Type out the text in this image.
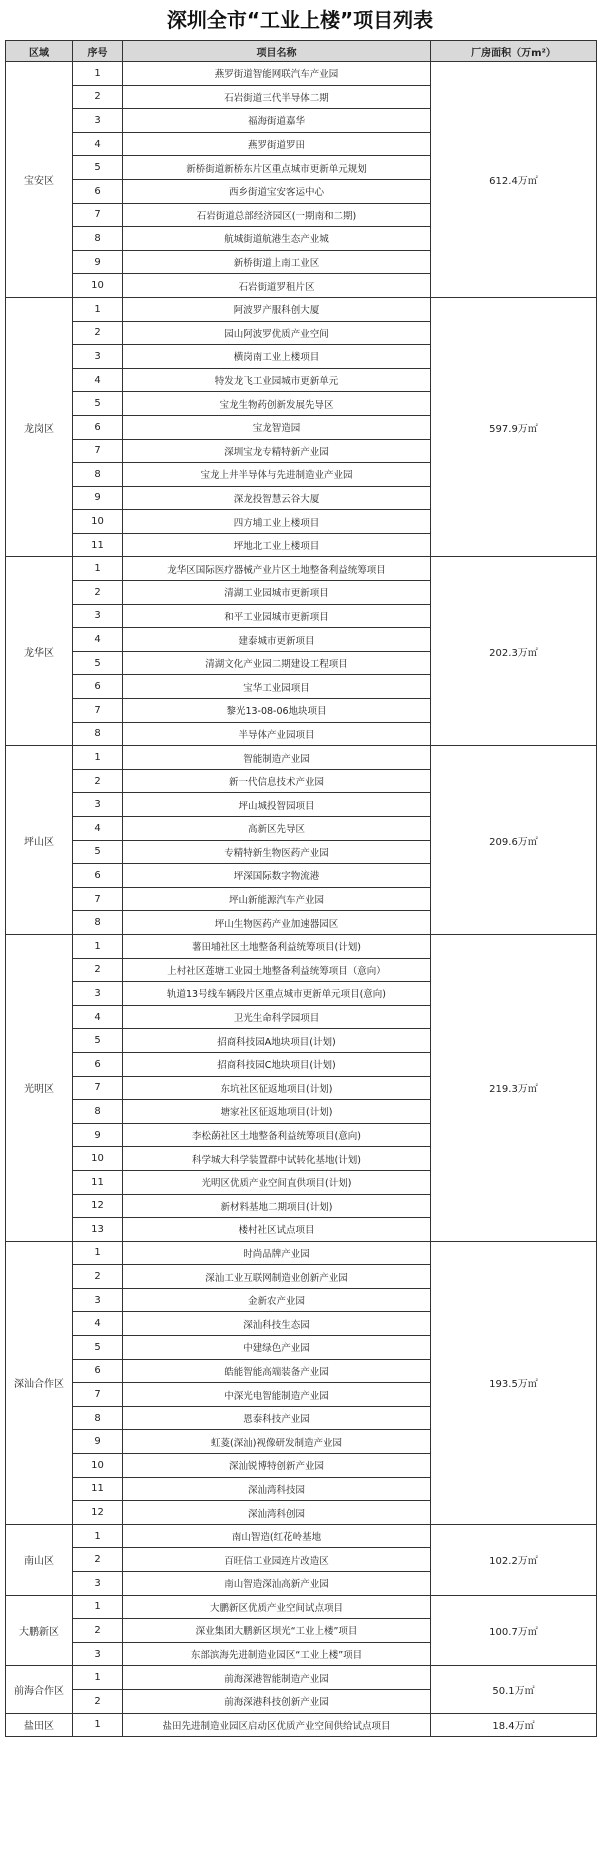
深圳全市“工业上楼”项目列表
区域	序号	项目名称	厂房面积（万m²）
宝安区	1	燕罗街道智能网联汽车产业园	612.4万㎡
	2	石岩街道三代半导体二期	
	3	福海街道嘉华	
	4	燕罗街道罗田	
	5	新桥街道新桥东片区重点城市更新单元规划	
	6	西乡街道宝安客运中心	
	7	石岩街道总部经济园区(一期南和二期)	
	8	航城街道航港生态产业城	
	9	新桥街道上南工业区	
	10	石岩街道罗租片区	
龙岗区	1	阿波罗产服科创大厦	597.9万㎡
	2	园山阿波罗优质产业空间	
	3	横岗南工业上楼项目	
	4	特发龙飞工业园城市更新单元	
	5	宝龙生物药创新发展先导区	
	6	宝龙智造园	
	7	深圳宝龙专精特新产业园	
	8	宝龙上井半导体与先进制造业产业园	
	9	深龙投智慧云谷大厦	
	10	四方埔工业上楼项目	
	11	坪地北工业上楼项目	
龙华区	1	龙华区国际医疗器械产业片区土地整备利益统筹项目	202.3万㎡
	2	清湖工业园城市更新项目	
	3	和平工业园城市更新项目	
	4	建泰城市更新项目	
	5	清湖文化产业园二期建设工程项目	
	6	宝华工业园项目	
	7	黎光13-08-06地块项目	
	8	半导体产业园项目	
坪山区	1	智能制造产业园	209.6万㎡
	2	新一代信息技术产业园	
	3	坪山城投智园项目	
	4	高新区先导区	
	5	专精特新生物医药产业园	
	6	坪深国际数字物流港	
	7	坪山新能源汽车产业园	
	8	坪山生物医药产业加速器园区	
光明区	1	薯田埔社区土地整备利益统筹项目(计划)	219.3万㎡
	2	上村社区莲塘工业园土地整备利益统筹项目（意向）	
	3	轨道13号线车辆段片区重点城市更新单元项目(意向)	
	4	卫光生命科学园项目	
	5	招商科技园A地块项目(计划)	
	6	招商科技园C地块项目(计划)	
	7	东坑社区征返地项目(计划)	
	8	塘家社区征返地项目(计划)	
	9	李松蓢社区土地整备利益统筹项目(意向)	
	10	科学城大科学装置群中试转化基地(计划)	
	11	光明区优质产业空间直供项目(计划)	
	12	新材料基地二期项目(计划)	
	13	楼村社区试点项目	
深汕合作区	1	时尚品牌产业园	193.5万㎡
	2	深汕工业互联网制造业创新产业园	
	3	金新农产业园	
	4	深汕科技生态园	
	5	中建绿色产业园	
	6	皓能智能高端装备产业园	
	7	中深光电智能制造产业园	
	8	恩泰科技产业园	
	9	虹菱(深汕)视像研发制造产业园	
	10	深汕锐博特创新产业园	
	11	深汕湾科技园	
	12	深汕湾科创园	
南山区	1	南山智造(红花岭基地	102.2万㎡
	2	百旺信工业园连片改造区	
	3	南山智造深汕高新产业园	
大鹏新区	1	大鹏新区优质产业空间试点项目	100.7万㎡
	2	深业集团大鹏新区坝光“工业上楼”项目	
	3	东部滨海先进制造业园区“工业上楼”项目	
前海合作区	1	前海深港智能制造产业园	50.1万㎡
	2	前海深港科技创新产业园	
盐田区	1	盐田先进制造业园区启动区优质产业空间供给试点项目	18.4万㎡
